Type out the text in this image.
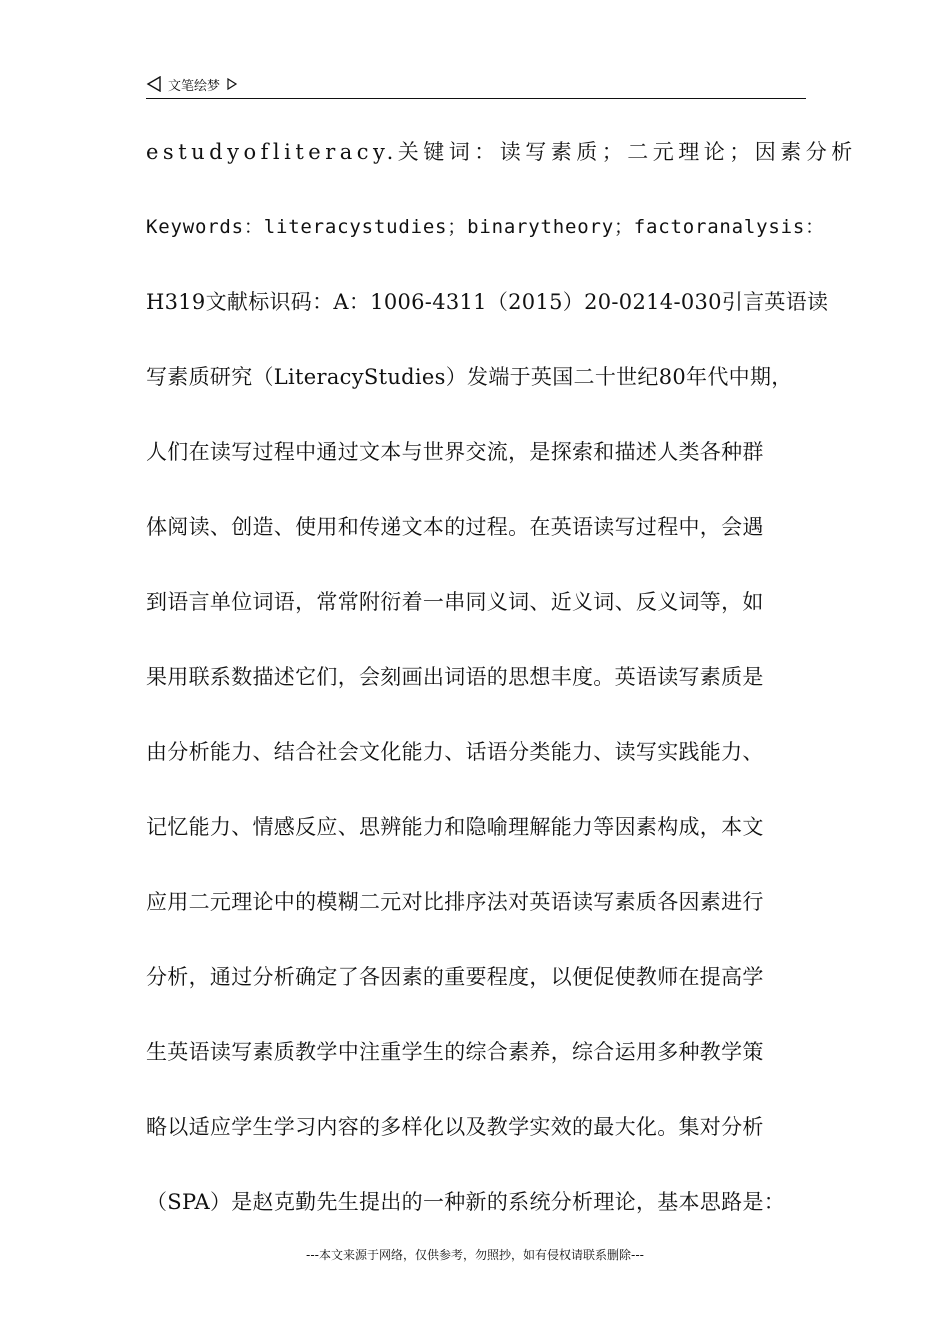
文笔绘梦
estudyofliteracy.关键词：读写素质；二元理论；因素分析
Keywords：literacystudies；binarytheory；factoranalysis：
H319文献标识码：A：1006-4311（2015）20-0214-030引言英语读
写素质研究（LiteracyStudies）发端于英国二十世纪80年代中期，
人们在读写过程中通过文本与世界交流，是探索和描述人类各种群
体阅读、创造、使用和传递文本的过程。在英语读写过程中，会遇
到语言单位词语，常常附衍着一串同义词、近义词、反义词等，如
果用联系数描述它们，会刻画出词语的思想丰度。英语读写素质是
由分析能力、结合社会文化能力、话语分类能力、读写实践能力、
记忆能力、情感反应、思辨能力和隐喻理解能力等因素构成，本文
应用二元理论中的模糊二元对比排序法对英语读写素质各因素进行
分析，通过分析确定了各因素的重要程度，以便促使教师在提高学
生英语读写素质教学中注重学生的综合素养，综合运用多种教学策
略以适应学生学习内容的多样化以及教学实效的最大化。集对分析
（SPA）是赵克勤先生提出的一种新的系统分析理论，基本思路是：
---本文来源于网络，仅供参考，勿照抄，如有侵权请联系删除---
